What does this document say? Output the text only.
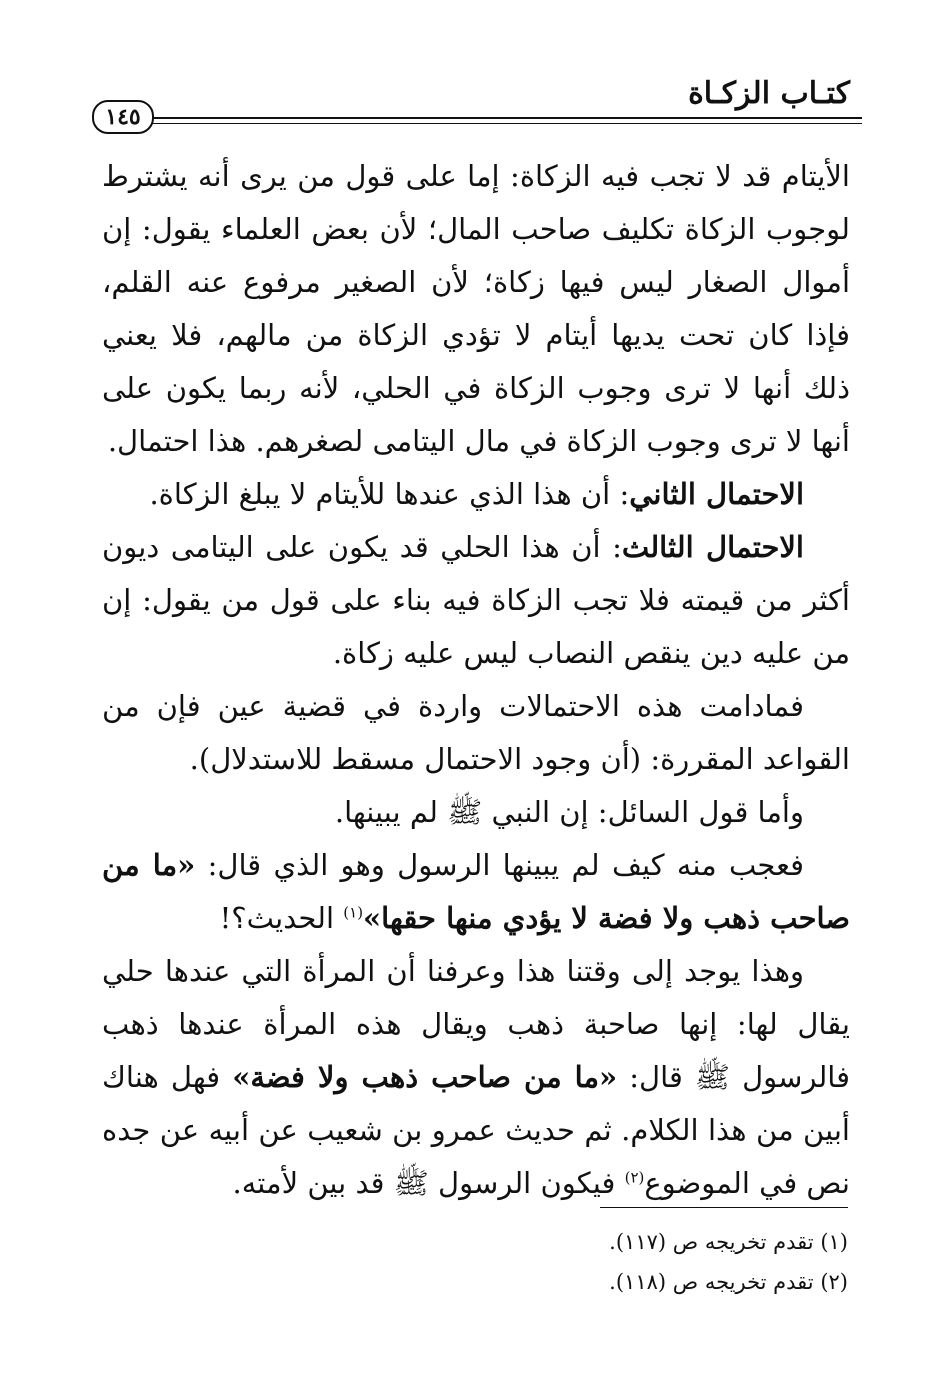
كتـاب الزكـاة
١٤٥

الأيتام قد لا تجب فيه الزكاة: إما على قول من يرى أنه يشترط لوجوب الزكاة تكليف صاحب المال؛ لأن بعض العلماء يقول: إن أموال الصغار ليس فيها زكاة؛ لأن الصغير مرفوع عنه القلم، فإذا كان تحت يديها أيتام لا تؤدي الزكاة من مالهم، فلا يعني ذلك أنها لا ترى وجوب الزكاة في الحلي، لأنه ربما يكون على أنها لا ترى وجوب الزكاة في مال اليتامى لصغرهم. هذا احتمال.

الاحتمال الثاني: أن هذا الذي عندها للأيتام لا يبلغ الزكاة.

الاحتمال الثالث: أن هذا الحلي قد يكون على اليتامى ديون أكثر من قيمته فلا تجب الزكاة فيه بناء على قول من يقول: إن من عليه دين ينقص النصاب ليس عليه زكاة.

فمادامت هذه الاحتمالات واردة في قضية عين فإن من القواعد المقررة: (أن وجود الاحتمال مسقط للاستدلال).

وأما قول السائل: إن النبي ﷺ لم يبينها.

فعجب منه كيف لم يبينها الرسول وهو الذي قال: «ما من صاحب ذهب ولا فضة لا يؤدي منها حقها»$^{(١)}$ الحديث؟!

وهذا يوجد إلى وقتنا هذا وعرفنا أن المرأة التي عندها حلي يقال لها: إنها صاحبة ذهب ويقال هذه المرأة عندها ذهب فالرسول ﷺ قال: «ما من صاحب ذهب ولا فضة» فهل هناك أبين من هذا الكلام. ثم حديث عمرو بن شعيب عن أبيه عن جده نص في الموضوع$^{(٢)}$ فيكون الرسول ﷺ قد بين لأمته.

(١) تقدم تخريجه ص (١١٧).

(٢) تقدم تخريجه ص (١١٨).
